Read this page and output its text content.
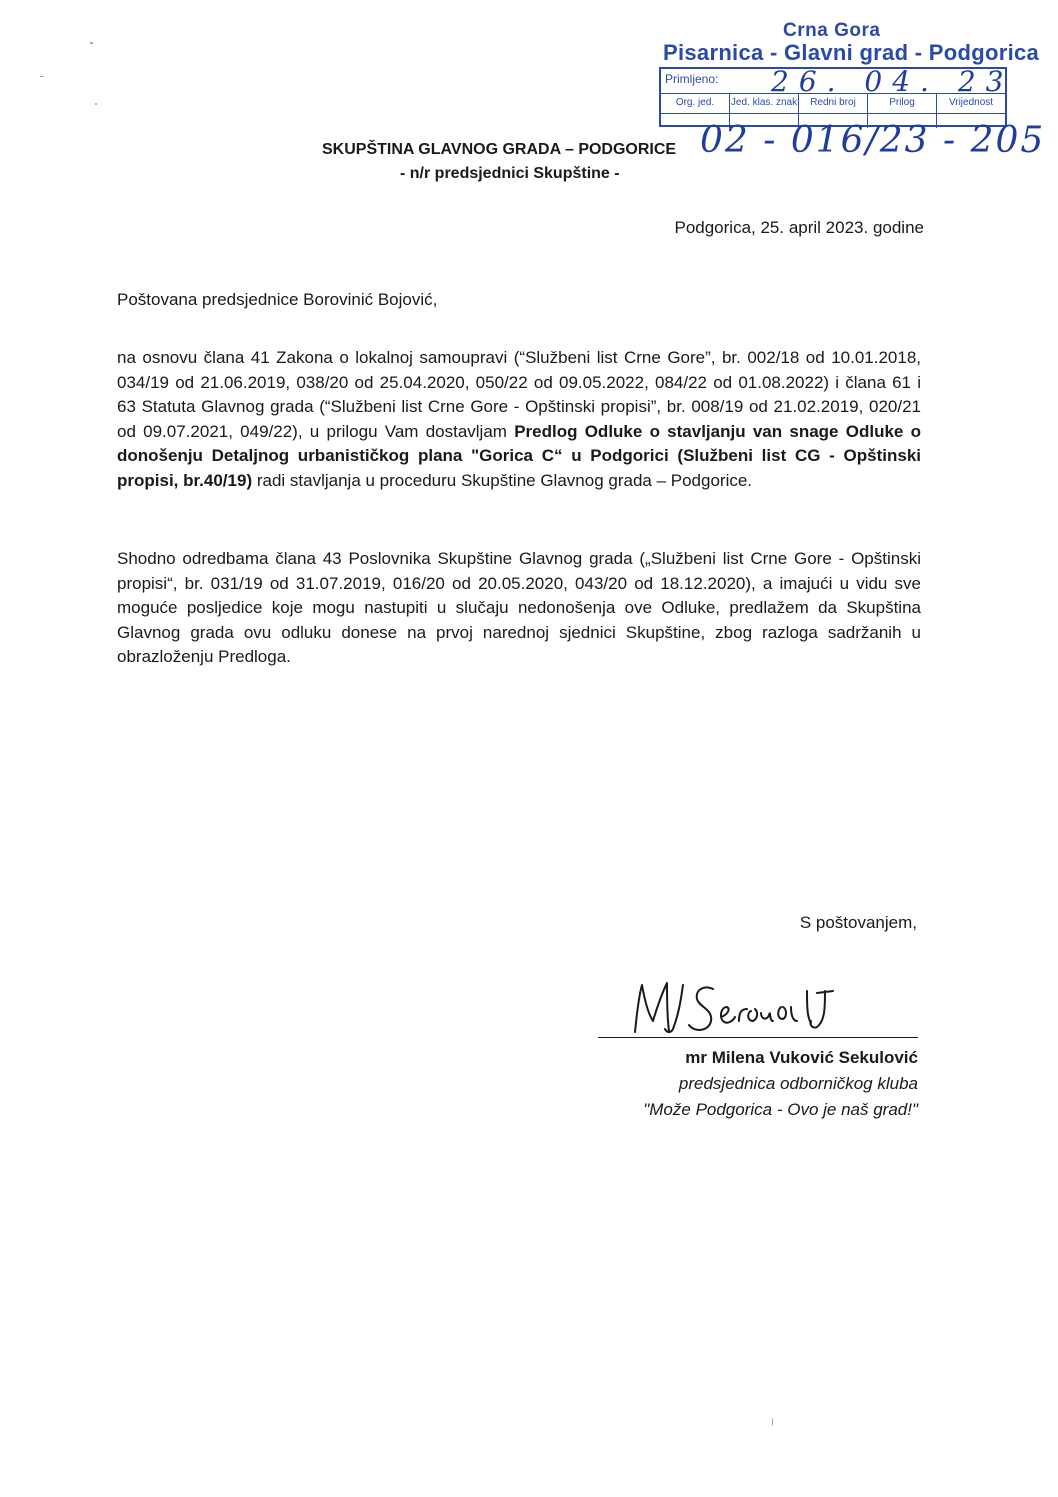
Crna Gora
Pisarnica - Glavni grad - Podgorica
Primljeno: 26. 04. 23
Org. jed.	Jed. klas. znak	Redni broj	Prilog	Vrijednost
02 - 016/23 - 205
SKUPŠTINA GLAVNOG GRADA – PODGORICE
- n/r predsjednici Skupštine -
Podgorica, 25. april 2023. godine
Poštovana predsjednice Borovinić Bojović,
na osnovu člana 41 Zakona o lokalnoj samoupravi (“Službeni list Crne Gore”, br. 002/18 od 10.01.2018, 034/19 od 21.06.2019, 038/20 od 25.04.2020, 050/22 od 09.05.2022, 084/22 od 01.08.2022) i člana 61 i 63 Statuta Glavnog grada (“Službeni list Crne Gore - Opštinski propisi”, br. 008/19 od 21.02.2019, 020/21 od 09.07.2021, 049/22), u prilogu Vam dostavljam Predlog Odluke o stavljanju van snage Odluke o donošenju Detaljnog urbanističkog plana "Gorica C“ u Podgorici (Službeni list CG - Opštinski propisi, br.40/19) radi stavljanja u proceduru Skupštine Glavnog grada – Podgorice.
Shodno odredbama člana 43 Poslovnika Skupštine Glavnog grada („Službeni list Crne Gore - Opštinski propisi“, br. 031/19 od 31.07.2019, 016/20 od 20.05.2020, 043/20 od 18.12.2020), a imajući u vidu sve moguće posljedice koje mogu nastupiti u slučaju nedonošenja ove Odluke, predlažem da Skupština Glavnog grada ovu odluku donese na prvoj narednoj sjednici Skupštine, zbog razloga sadržanih u obrazloženju Predloga.
S poštovanjem,
mr Milena Vuković Sekulović
predsjednica odborničkog kluba
"Može Podgorica - Ovo je naš grad!"
